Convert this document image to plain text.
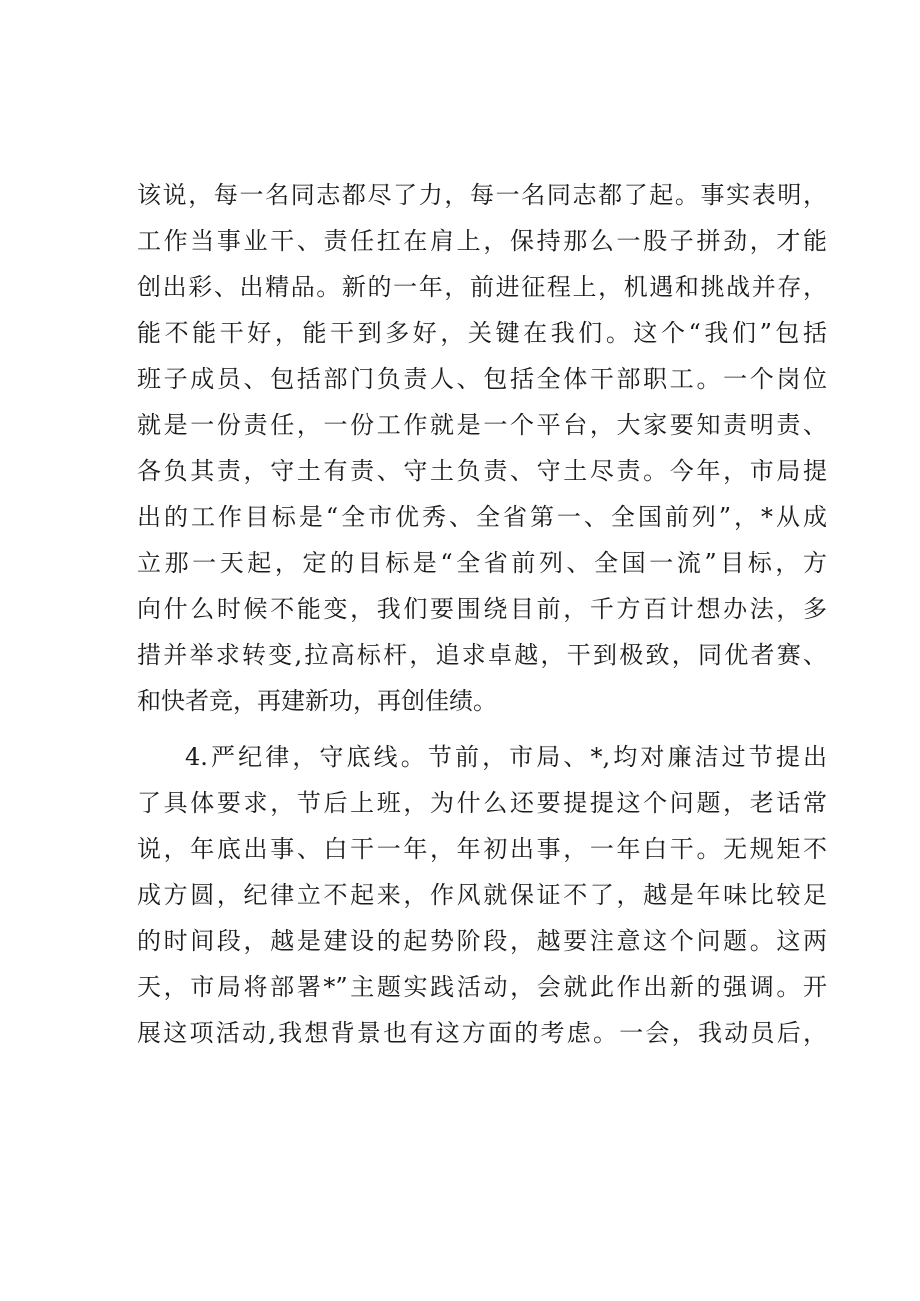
该说，每一名同志都尽了力，每一名同志都了起。事实表明，
工作当事业干、责任扛在肩上，保持那么一股子拼劲，才能
创出彩、出精品。新的一年，前进征程上，机遇和挑战并存，
能不能干好，能干到多好，关键在我们。这个“我们”包括
班子成员、包括部门负责人、包括全体干部职工。一个岗位
就是一份责任，一份工作就是一个平台，大家要知责明责、
各负其责，守土有责、守土负责、守土尽责。今年，市局提
出的工作目标是“全市优秀、全省第一、全国前列”，*从成
立那一天起，定的目标是“全省前列、全国一流”目标，方
向什么时候不能变，我们要围绕目前，千方百计想办法，多
措并举求转变,拉高标杆，追求卓越，干到极致，同优者赛、
和快者竞，再建新功，再创佳绩。
4.严纪律，守底线。节前，市局、*,均对廉洁过节提出
了具体要求，节后上班，为什么还要提提这个问题，老话常
说，年底出事、白干一年，年初出事，一年白干。无规矩不
成方圆，纪律立不起来，作风就保证不了，越是年味比较足
的时间段，越是建设的起势阶段，越要注意这个问题。这两
天，市局将部署*”主题实践活动，会就此作出新的强调。开
展这项活动,我想背景也有这方面的考虑。一会，我动员后，
